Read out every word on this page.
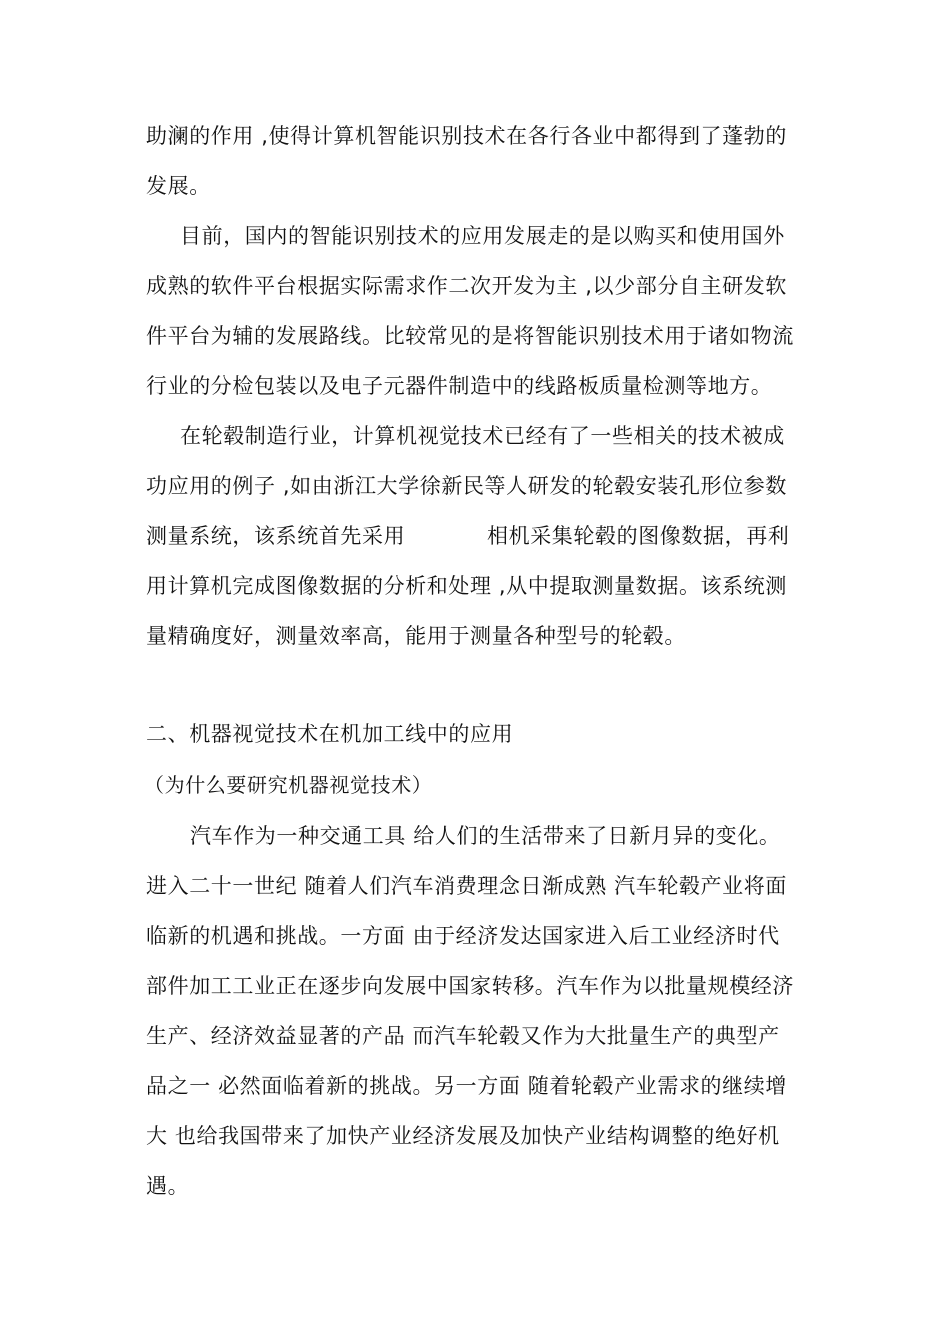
助澜的作用 ,使得计算机智能识别技术在各行各业中都得到了蓬勃的
发展。
目前，国内的智能识别技术的应用发展走的是以购买和使用国外
成熟的软件平台根据实际需求作二次开发为主 ,以少部分自主研发软
件平台为辅的发展路线。比较常见的是将智能识别技术用于诸如物流
行业的分检包装以及电子元器件制造中的线路板质量检测等地方。
在轮毂制造行业，计算机视觉技术已经有了一些相关的技术被成
功应用的例子 ,如由浙江大学徐新民等人研发的轮毂安装孔形位参数
测量系统，该系统首先采用	相机采集轮毂的图像数据，再利
用计算机完成图像数据的分析和处理 ,从中提取测量数据。该系统测
量精确度好，测量效率高，能用于测量各种型号的轮毂。
二、机器视觉技术在机加工线中的应用
（为什么要研究机器视觉技术）
汽车作为一种交通工具 给人们的生活带来了日新月异的变化。
进入二十一世纪 随着人们汽车消费理念日渐成熟 汽车轮毂产业将面
临新的机遇和挑战。一方面 由于经济发达国家进入后工业经济时代
部件加工工业正在逐步向发展中国家转移。汽车作为以批量规模经济
生产、经济效益显著的产品 而汽车轮毂又作为大批量生产的典型产
品之一 必然面临着新的挑战。另一方面 随着轮毂产业需求的继续增
大 也给我国带来了加快产业经济发展及加快产业结构调整的绝好机
遇。
